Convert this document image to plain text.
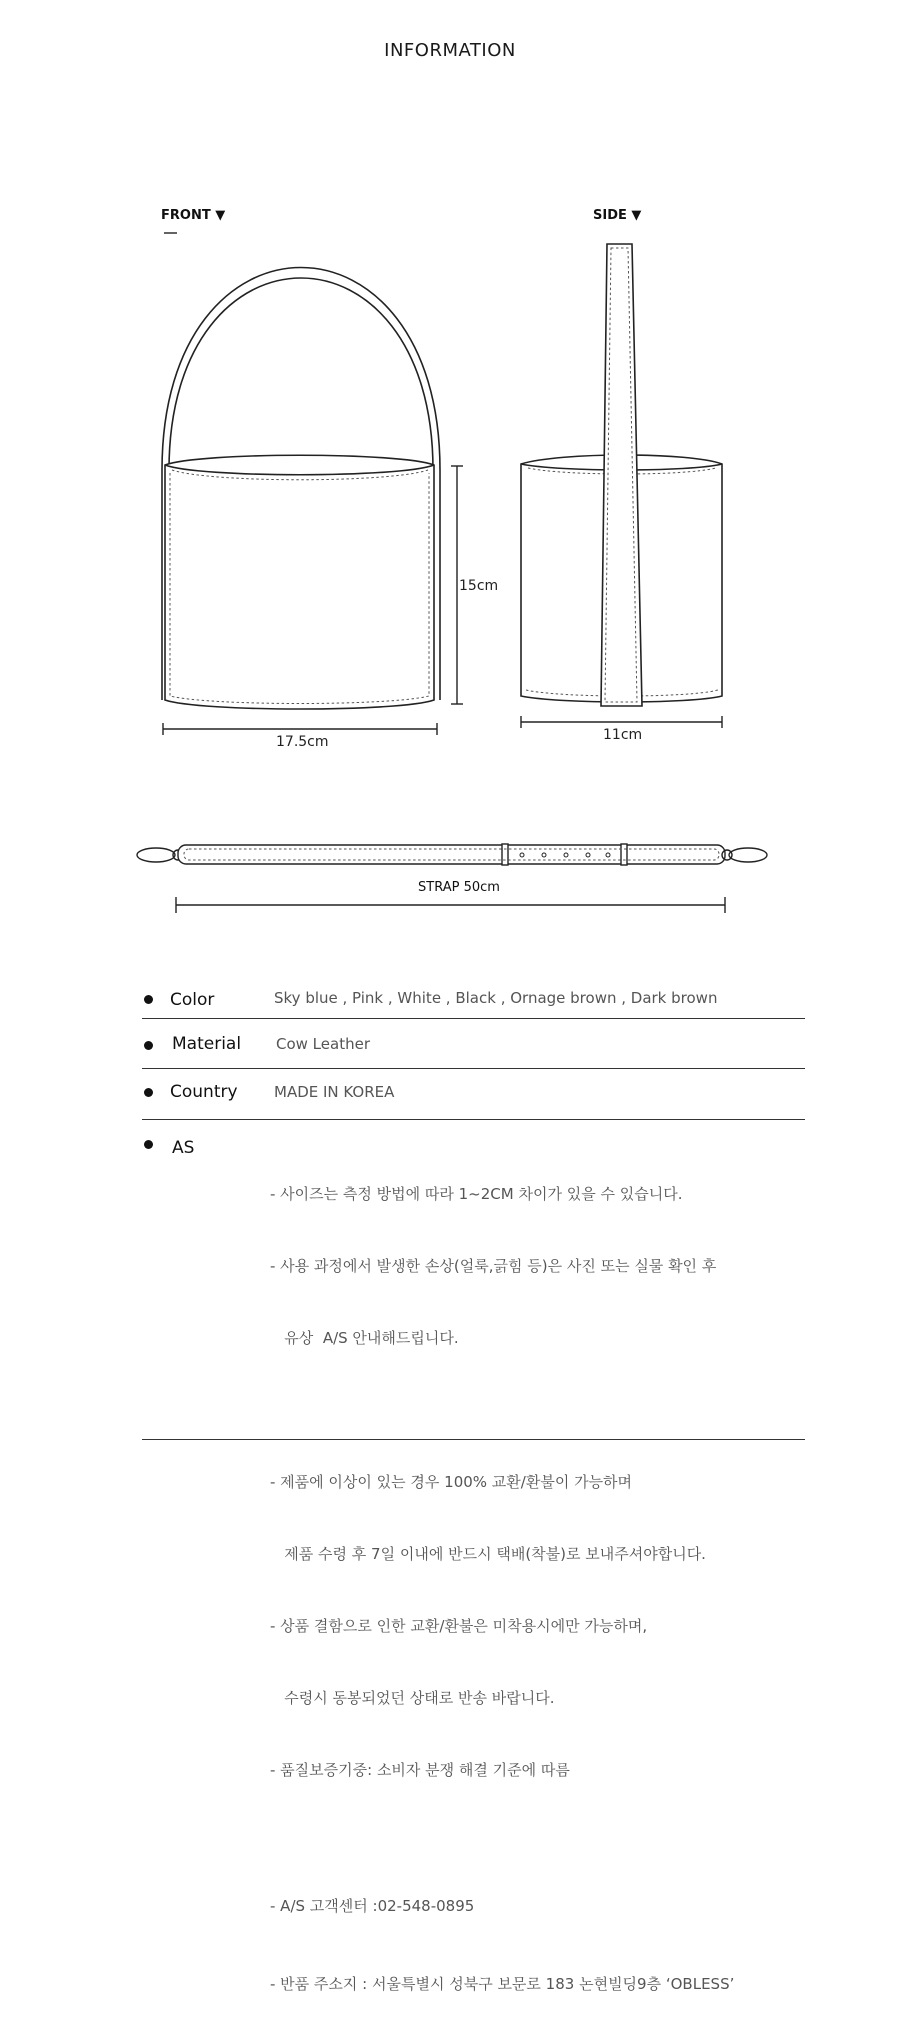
INFORMATION
FRONT ▼	SIDE ▼
15cm
17.5cm	11cm
STRAP 50cm
Color	Sky blue , Pink , White , Black , Ornage brown , Dark brown
Material Cow Leather
Country MADE IN KOREA
AS

- 사이즈는 측정 방법에 따라 1~2CM 차이가 있을 수 있습니다.

- 사용 과정에서 발생한 손상(얼룩,긁힘 등)은 사진 또는 실물 확인 후

유상  A/S 안내해드립니다.

- 제품에 이상이 있는 경우 100% 교환/환불이 가능하며

제품 수령 후 7일 이내에 반드시 택배(착불)로 보내주셔야합니다.

- 상품 결함으로 인한 교환/환불은 미착용시에만 가능하며,

수령시 동봉되었던 상태로 반송 바랍니다.

- 품질보증기중: 소비자 분쟁 해결 기준에 따름

- A/S 고객센터 :02-548-0895

- 반품 주소지 : 서울특별시 성북구 보문로 183 논현빌딩9층 ‘OBLESS’
